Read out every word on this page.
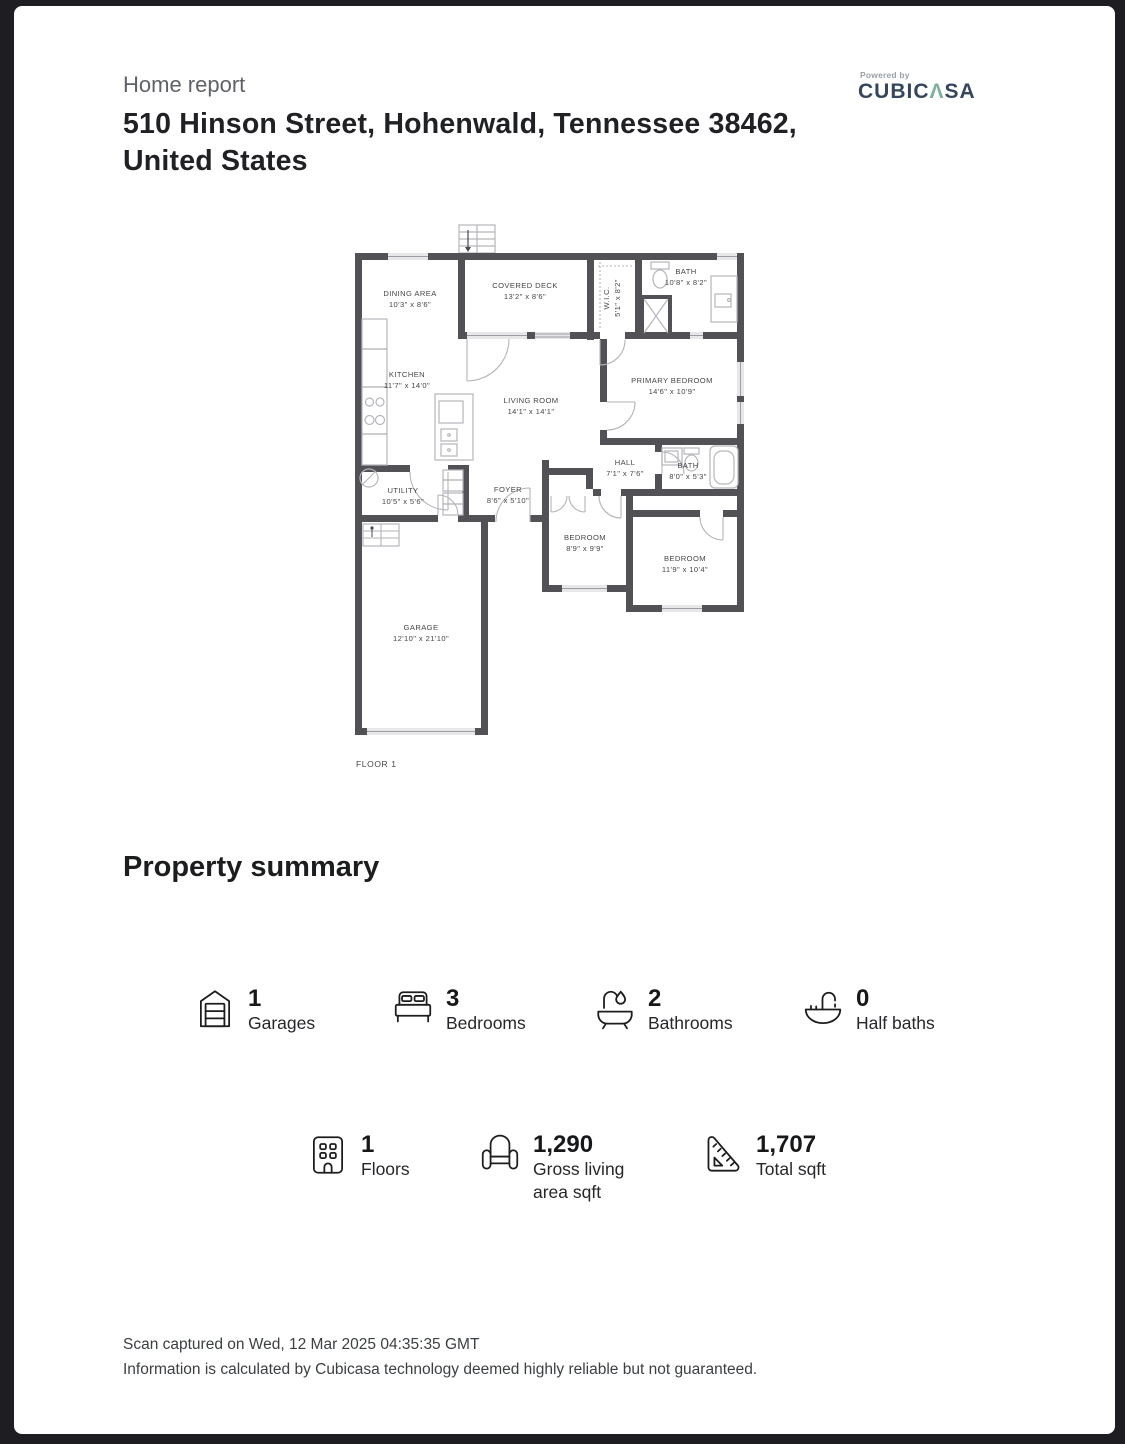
Home report
510 Hinson Street, Hohenwald, Tennessee 38462, United States
Powered by
CUBICΛSA
DINING AREA
10'3" x 8'6"
COVERED DECK
13'2" x 8'6"	W.I.C. 5'1" x 8'2"
BATH
10'8" x 8'2"
KITCHEN
11'7" x 14'0"
LIVING ROOM
14'1" x 14'1"
PRIMARY BEDROOM
14'6" x 10'9"
HALL
7'1" x 7'6"
BATH
8'0" x 5'3"
UTILITY
10'5" x 5'6"
FOYER
8'6" x 5'10"
BEDROOM
8'9" x 9'9"
BEDROOM
11'9" x 10'4"
GARAGE
12'10" x 21'10"
FLOOR 1
Property summary
1
Garages
3
Bedrooms
2
Bathrooms
0
Half baths
1
Floors
1,290
Gross living area sqft
1,707
Total sqft
Scan captured on Wed, 12 Mar 2025 04:35:35 GMT
Information is calculated by Cubicasa technology deemed highly reliable but not guaranteed.
